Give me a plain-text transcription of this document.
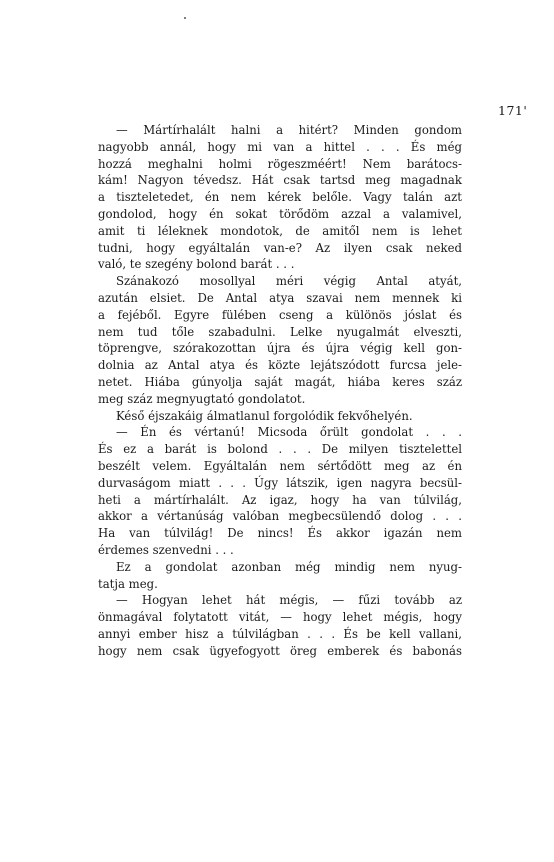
171'
— Mártírhalált halni a hitért? Minden gondom
nagyobb annál, hogy mi van a hittel . . . És még
hozzá meghalni holmi rögeszméért! Nem barátocs-
kám! Nagyon tévedsz. Hát csak tartsd meg magadnak
a tiszteletedet, én nem kérek belőle. Vagy talán azt
gondolod, hogy én sokat törődöm azzal a valamivel,
amit ti léleknek mondotok, de amitől nem is lehet
tudni, hogy egyáltalán van-e? Az ilyen csak neked
való, te szegény bolond barát . . .
Szánakozó mosollyal méri végig Antal atyát,
azután elsiet. De Antal atya szavai nem mennek ki
a fejéből. Egyre fülében cseng a különös jóslat és
nem tud tőle szabadulni. Lelke nyugalmát elveszti,
töprengve, szórakozottan újra és újra végig kell gon-
dolnia az Antal atya és közte lejátszódott furcsa jele-
netet. Hiába gúnyolja saját magát, hiába keres száz
meg száz megnyugtató gondolatot.
Késő éjszakáig álmatlanul forgolódik fekvőhelyén.
— Én és vértanú! Micsoda őrült gondolat . . .
És ez a barát is bolond . . . De milyen tisztelettel
beszélt velem. Egyáltalán nem sértődött meg az én
durvaságom miatt . . . Úgy látszik, igen nagyra becsül-
heti a mártírhalált. Az igaz, hogy ha van túlvilág,
akkor a vértanúság valóban megbecsülendő dolog . . .
Ha van túlvilág! De nincs! És akkor igazán nem
érdemes szenvedni . . .
Ez a gondolat azonban még mindig nem nyug-
tatja meg.
— Hogyan lehet hát mégis, — fűzi tovább az
önmagával folytatott vitát, — hogy lehet mégis, hogy
annyi ember hisz a túlvilágban . . . És be kell vallani,
hogy nem csak ügyefogyott öreg emberek és babonás
